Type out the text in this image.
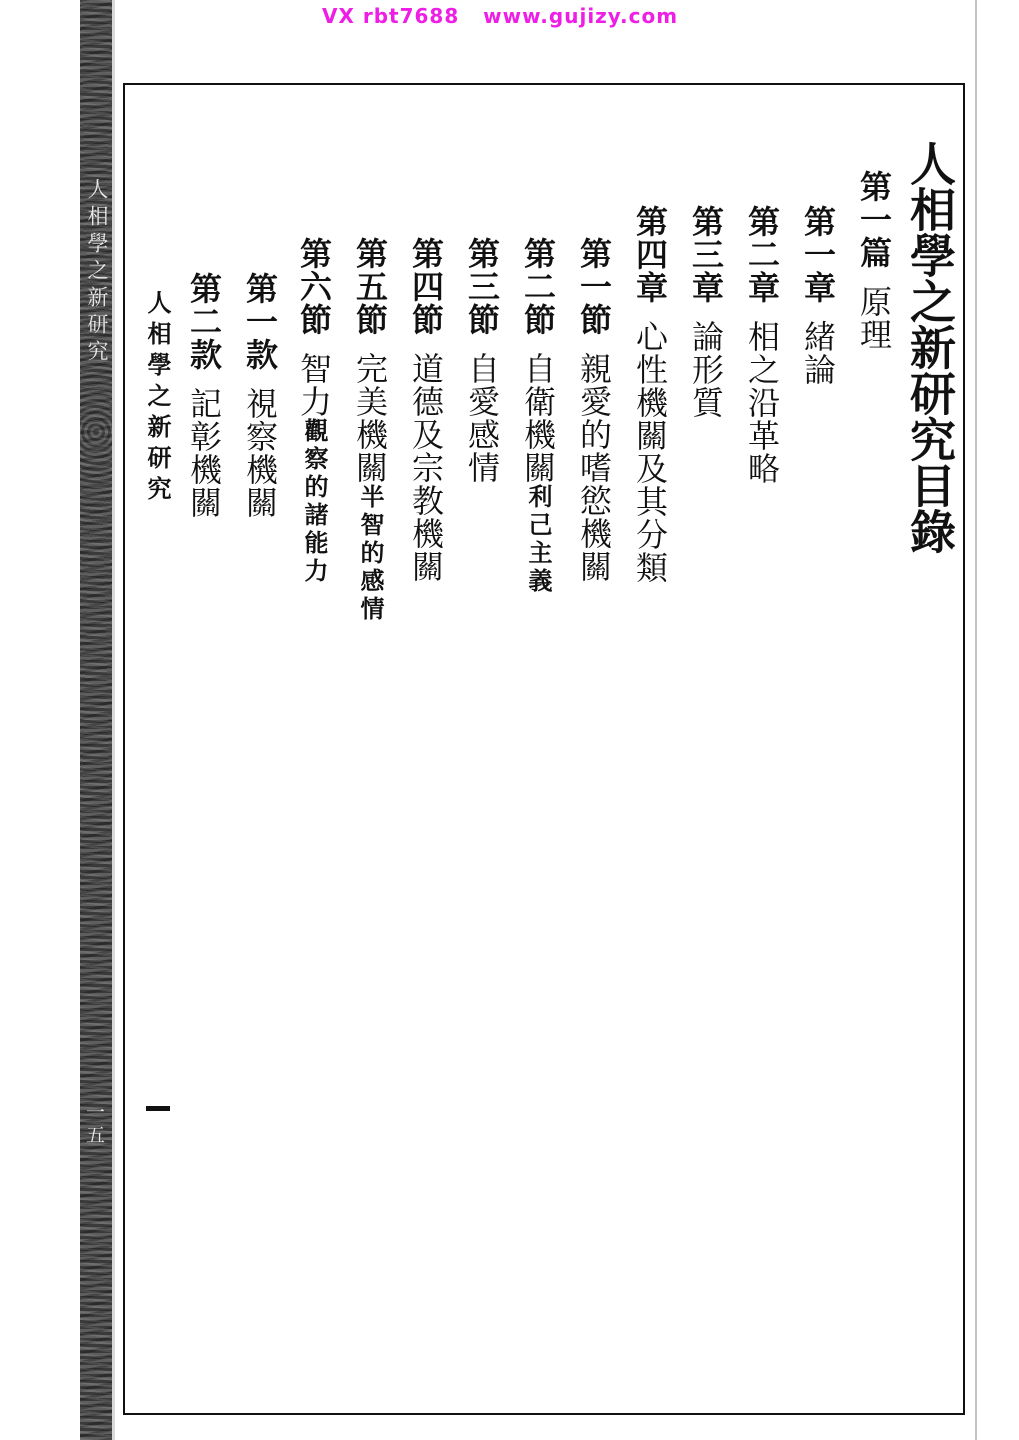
VX rbt7688   www.gujizy.com
人相學之新研究
一五
人相學之新研究目錄
第一篇原理
第一章緒論
第二章相之沿革略
第三章論形質
第四章心性機關及其分類
第一節親愛的嗜慾機關
第二節自衛機關利己主義
第三節自愛感情
第四節道德及宗教機關
第五節完美機關半智的感情
第六節智力觀察的諸能力
第一款視察機關
第二款記彰機關
人相學之新研究
